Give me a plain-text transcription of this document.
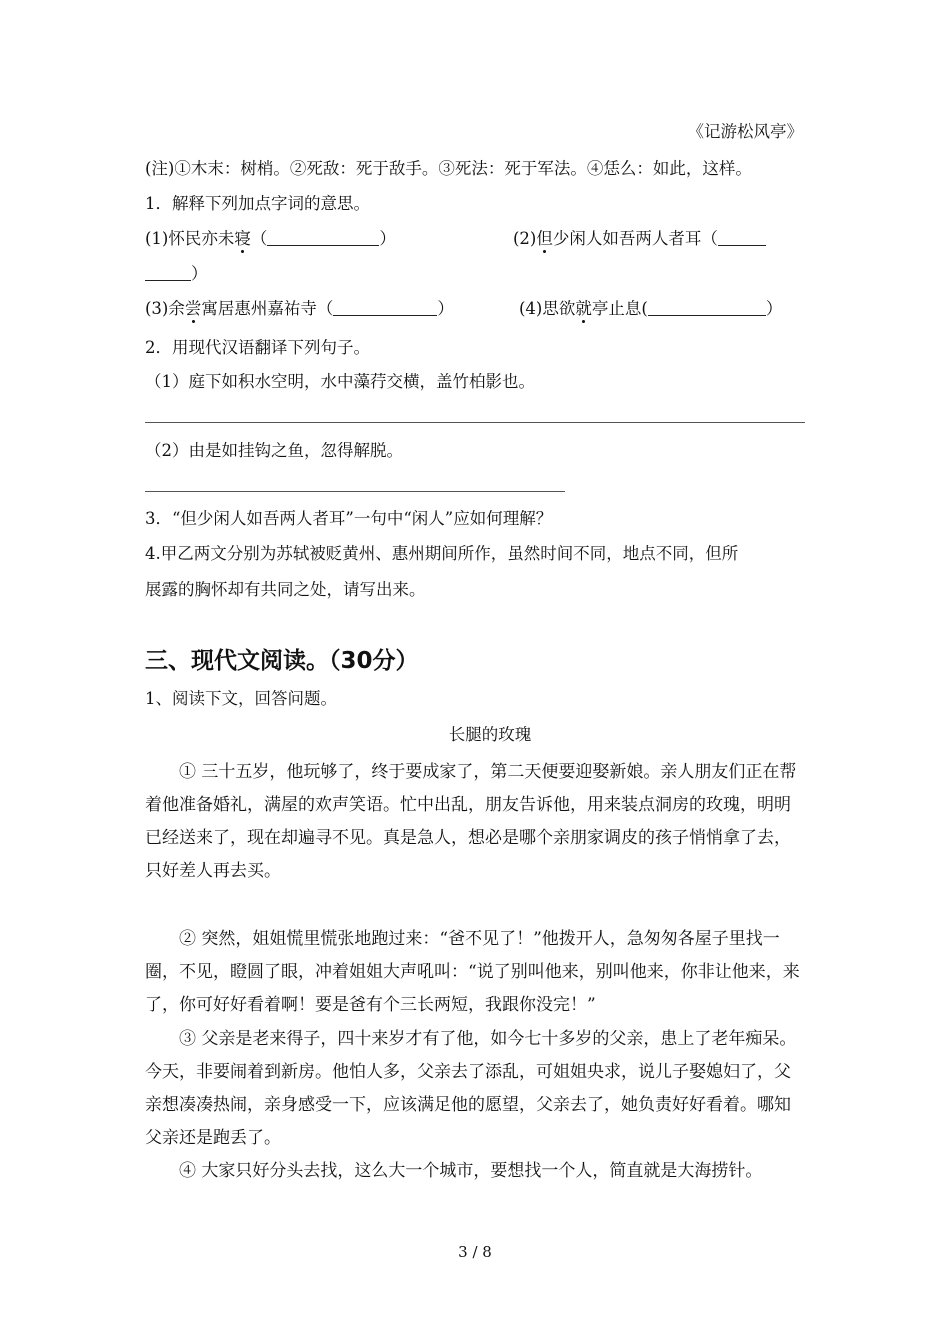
《记游松风亭》
(注)①木末：树梢。②死敌：死于敌手。③死法：死于军法。④恁么：如此，这样。
1．解释下列加点字词的意思。
(1)怀民亦未寝（	）	(2)但少闲人如吾两人者耳（
）
(3)余尝寓居惠州嘉祐寺（	）	(4)思欲就亭止息(	）
2．用现代汉语翻译下列句子。
（1）庭下如积水空明，水中藻荇交横，盖竹柏影也。
（2）由是如挂钩之鱼，忽得解脱。
3．“但少闲人如吾两人者耳”一句中“闲人”应如何理解？
4.甲乙两文分别为苏轼被贬黄州、惠州期间所作，虽然时间不同，地点不同，但所
展露的胸怀却有共同之处，请写出来。
三、现代文阅读。（30分）
1、阅读下文，回答问题。
长腿的玫瑰
① 三十五岁，他玩够了，终于要成家了，第二天便要迎娶新娘。亲人朋友们正在帮着他准备婚礼，满屋的欢声笑语。忙中出乱，朋友告诉他，用来装点洞房的玫瑰，明明已经送来了，现在却遍寻不见。真是急人，想必是哪个亲朋家调皮的孩子悄悄拿了去，只好差人再去买。
② 突然，姐姐慌里慌张地跑过来：“爸不见了！”他拨开人，急匆匆各屋子里找一圈，不见，瞪圆了眼，冲着姐姐大声吼叫：“说了别叫他来，别叫他来，你非让他来，来了，你可好好看着啊！要是爸有个三长两短，我跟你没完！”
③ 父亲是老来得子，四十来岁才有了他，如今七十多岁的父亲，患上了老年痴呆。今天，非要闹着到新房。他怕人多，父亲去了添乱，可姐姐央求，说儿子娶媳妇了，父亲想凑凑热闹，亲身感受一下，应该满足他的愿望，父亲去了，她负责好好看着。哪知父亲还是跑丢了。
④ 大家只好分头去找，这么大一个城市，要想找一个人，简直就是大海捞针。
3 / 8
